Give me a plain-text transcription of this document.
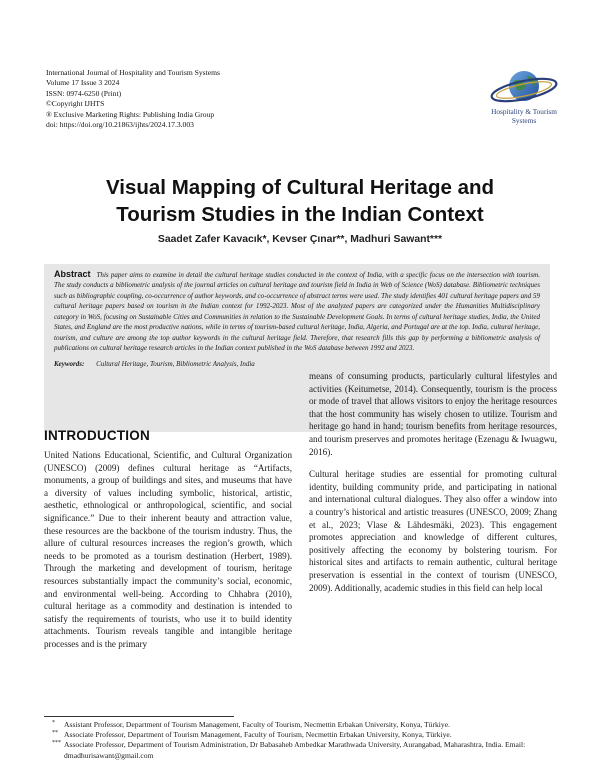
International Journal of Hospitality and Tourism Systems
Volume 17 Issue 3 2024
ISSN: 0974-6250 (Print)
©Copyright IJHTS
® Exclusive Marketing Rights: Publishing India Group
doi: https://doi.org/10.21863/ijhts/2024.17.3.003
Hospitality & Tourism
Systems
Visual Mapping of Cultural Heritage and
Tourism Studies in the Indian Context
Saadet Zafer Kavacık*, Kevser Çınar**, Madhuri Sawant***

Abstract This paper aims to examine in detail the cultural heritage studies conducted in the context of India, with a specific focus on the intersection with tourism. The study conducts a bibliometric analysis of the journal articles on cultural heritage and tourism field in India in Web of Science (WoS) database. Bibliometric techniques such as bibliographic coupling, co-occurrence of author keywords, and co-occurrence of abstract terms were used. The study identifies 401 cultural heritage papers and 59 cultural heritage papers based on tourism in the Indian context for 1992-2023. Most of the analyzed papers are categorized under the Humanities Multidisciplinary category in WoS, focusing on Sustainable Cities and Communities in relation to the Sustainable Development Goals. In terms of cultural heritage studies, India, the United States, and England are the most productive nations, while in terms of tourism-based cultural heritage, India, Algeria, and Portugal are at the top. India, cultural heritage, tourism, and culture are among the top author keywords in the cultural heritage field. Therefore, that research fills this gap by performing a bibliometric analysis of publications on cultural heritage research articles in the Indian context published in the WoS database between 1992 and 2023.

Keywords: Cultural Heritage, Tourism, Bibliometric Analysis, India
INTRODUCTION

United Nations Educational, Scientific, and Cultural Organization (UNESCO) (2009) defines cultural heritage as “Artifacts, monuments, a group of buildings and sites, and museums that have a diversity of values including symbolic, historical, artistic, aesthetic, ethnological or anthropological, scientific, and social significance.” Due to their inherent beauty and attraction value, these resources are the backbone of the tourism industry. Thus, the allure of cultural resources increases the region’s growth, which needs to be promoted as a tourism destination (Herbert, 1989). Through the marketing and development of tourism, heritage resources substantially impact the community’s social, economic, and environmental well-being. According to Chhabra (2010), cultural heritage as a commodity and destination is intended to satisfy the requirements of tourists, who use it to build identity attachments. Tourism reveals tangible and intangible heritage processes and is the primary

means of consuming products, particularly cultural lifestyles and activities (Keitumetse, 2014). Consequently, tourism is the process or mode of travel that allows visitors to enjoy the heritage resources that the host community has wisely chosen to utilize. Tourism and heritage go hand in hand; tourism benefits from heritage resources, and tourism preserves and promotes heritage (Ezenagu & Iwuagwu, 2016).

Cultural heritage studies are essential for promoting cultural identity, building community pride, and participating in national and international cultural dialogues. They also offer a window into a country’s historical and artistic treasures (UNESCO, 2009; Zhang et al., 2023; Vlase & Lähdesmäki, 2023). This engagement promotes appreciation and knowledge of different cultures, positively affecting the economy by bolstering tourism. For historical sites and artifacts to remain authentic, cultural heritage preservation is essential in the context of tourism (UNESCO, 2009). Additionally, academic studies in this field can help local

* Assistant Professor, Department of Tourism Management, Faculty of Tourism, Necmettin Erbakan University, Konya, Türkiye.
** Associate Professor, Department of Tourism Management, Faculty of Tourism, Necmettin Erbakan University, Konya, Türkiye.
*** Associate Professor, Department of Tourism Administration, Dr Babasaheb Ambedkar Marathwada University, Aurangabad, Maharashtra, India. Email: dmadhurisawant@gmail.com
